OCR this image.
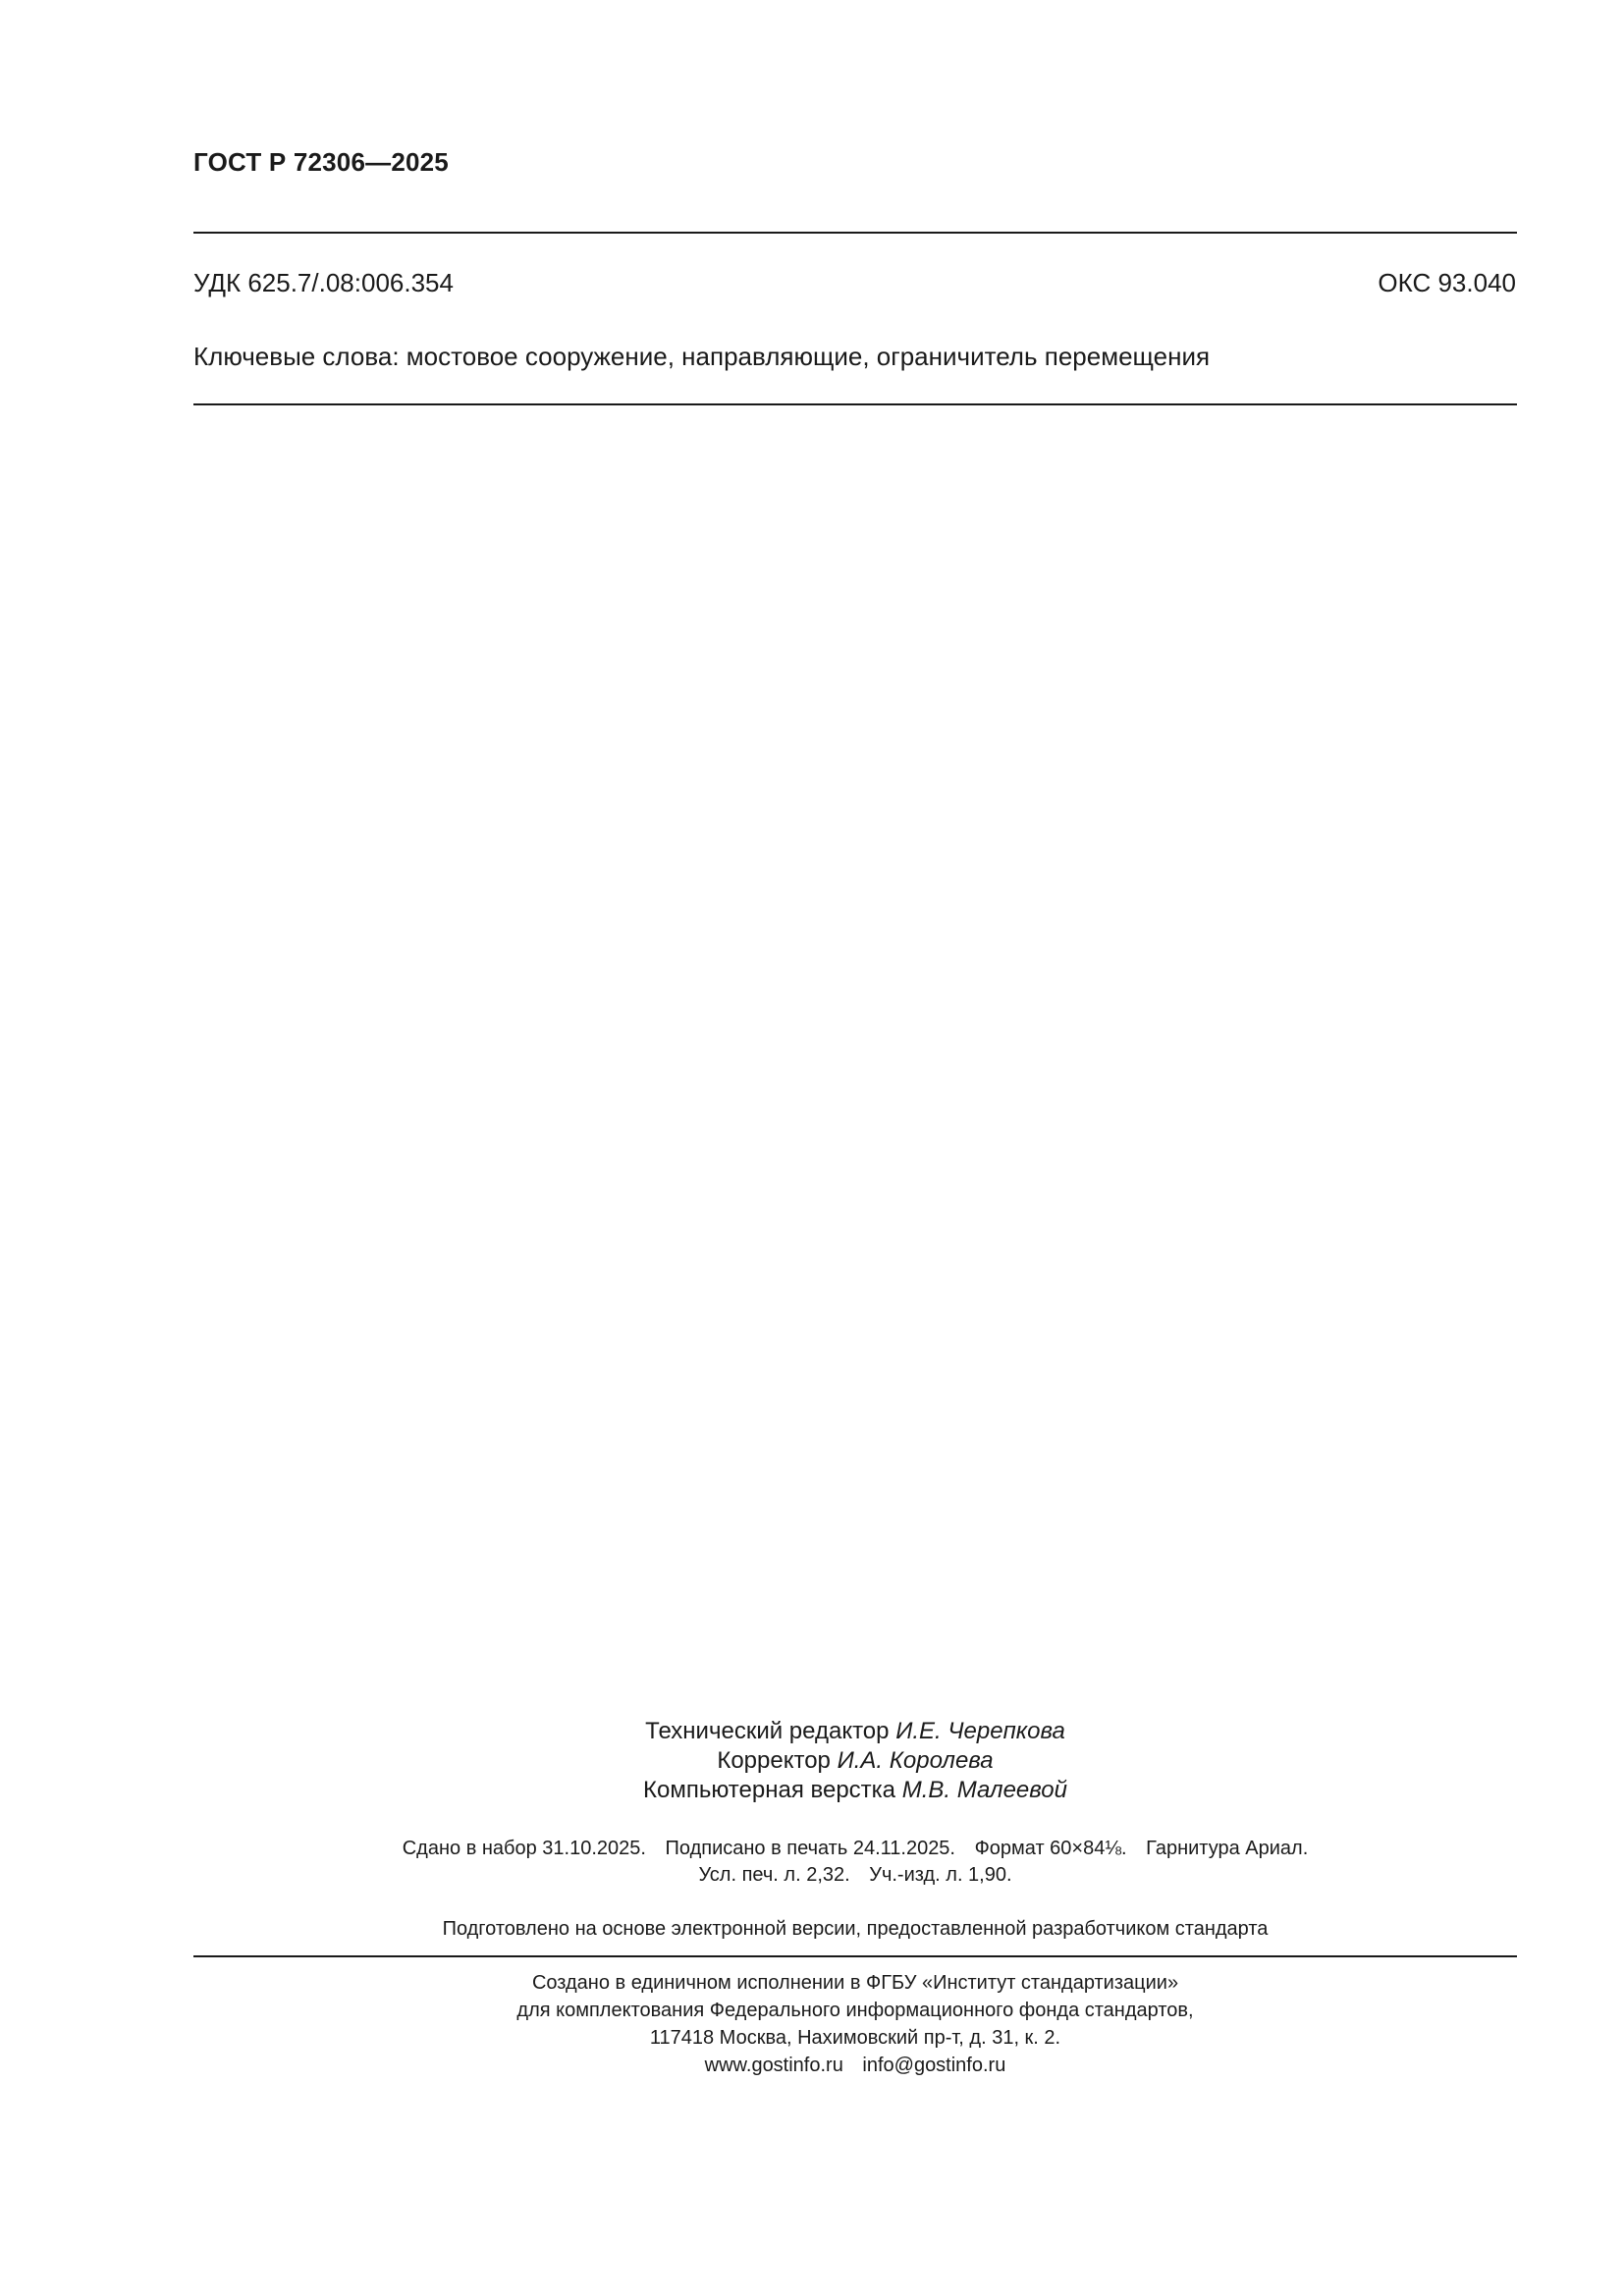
ГОСТ Р 72306—2025
УДК 625.7/.08:006.354	ОКС 93.040
Ключевые слова: мостовое сооружение, направляющие, ограничитель перемещения
Технический редактор И.Е. Черепкова
Корректор И.А. Королева
Компьютерная верстка М.В. Малеевой
Сдано в набор 31.10.2025. Подписано в печать 24.11.2025. Формат 60×84⅛. Гарнитура Ариал.
Усл. печ. л. 2,32. Уч.-изд. л. 1,90.
Подготовлено на основе электронной версии, предоставленной разработчиком стандарта
Создано в единичном исполнении в ФГБУ «Институт стандартизации»
для комплектования Федерального информационного фонда стандартов,
117418 Москва, Нахимовский пр-т, д. 31, к. 2.
www.gostinfo.ru info@gostinfo.ru
